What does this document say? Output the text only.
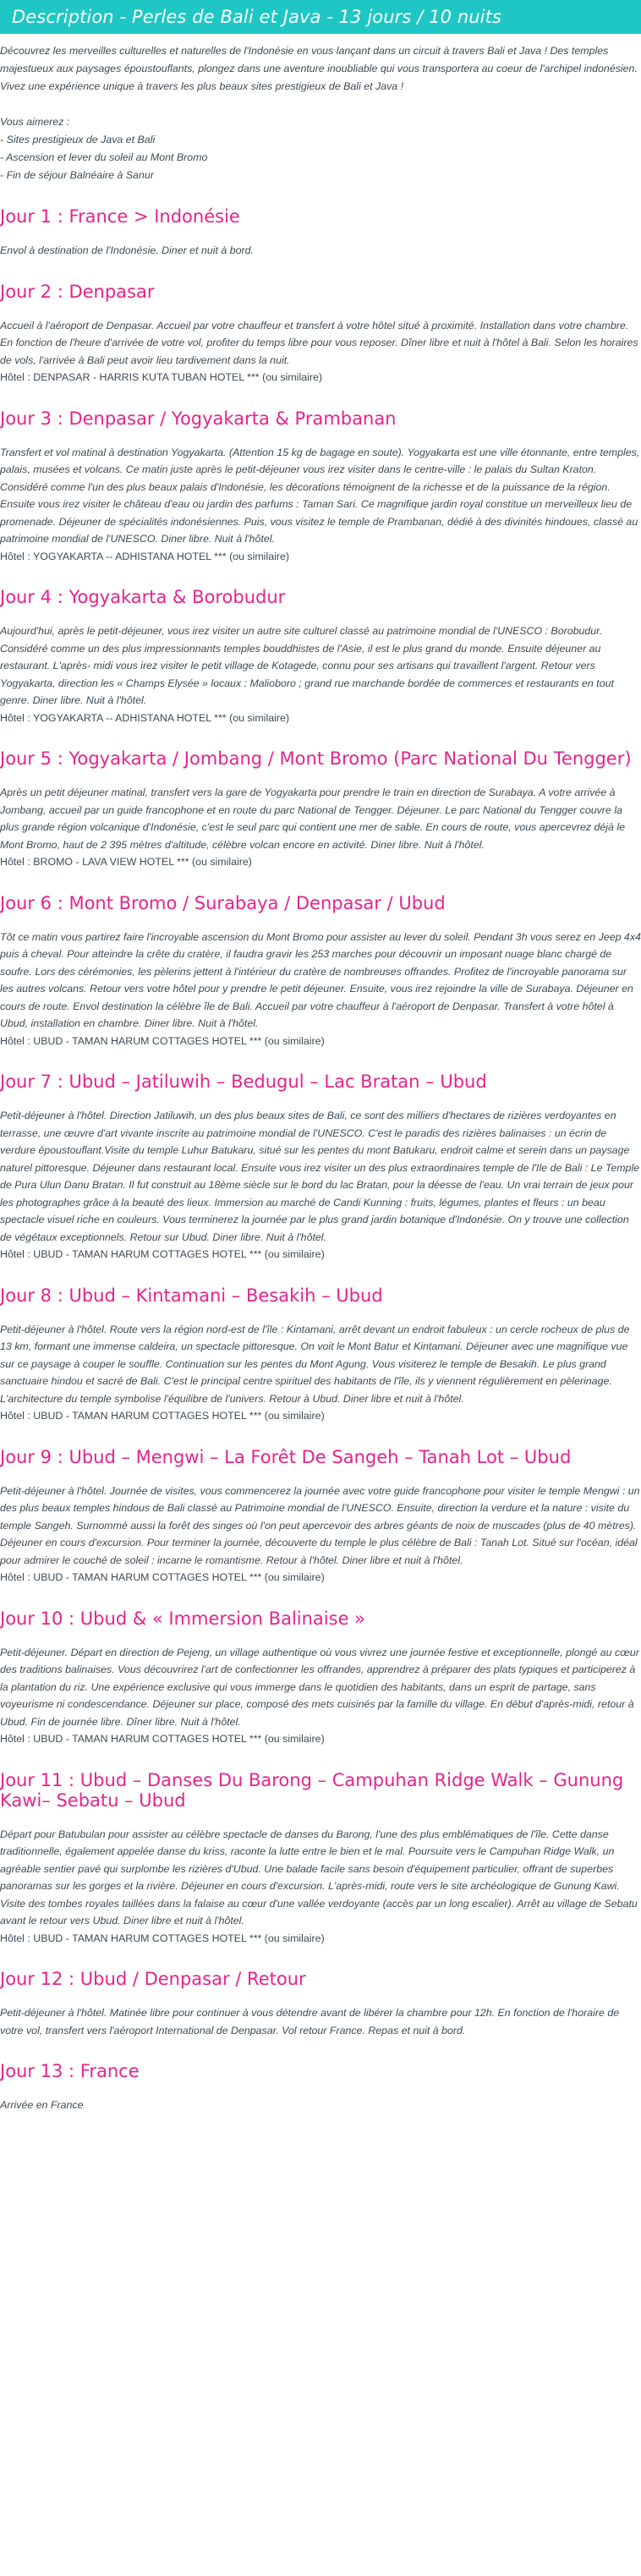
Description - Perles de Bali et Java - 13 jours / 10 nuits

Découvrez les merveilles culturelles et naturelles de l'Indonésie en vous lançant dans un circuit à travers Bali et Java ! Des temples majestueux aux paysages époustouflants, plongez dans une aventure inoubliable qui vous transportera au coeur de l'archipel indonésien. Vivez une expérience unique à travers les plus beaux sites prestigieux de Bali et Java !

Vous aimerez :
- Sites prestigieux de Java et Bali
- Ascension et lever du soleil au Mont Bromo
- Fin de séjour Balnéaire à Sanur
Jour 1 : France > Indonésie
Envol à destination de l'Indonésie. Diner et nuit à bord.
Jour 2 : Denpasar
Accueil à l'aéroport de Denpasar. Accueil par votre chauffeur et transfert à votre hôtel situé à proximité. Installation dans votre chambre. En fonction de l'heure d'arrivée de votre vol, profiter du temps libre pour vous reposer. Dîner libre et nuit à l'hôtel à Bali. Selon les horaires de vols, l'arrivée à Bali peut avoir lieu tardivement dans la nuit.
Hôtel : DENPASAR - HARRIS KUTA TUBAN HOTEL *** (ou similaire)
Jour 3 : Denpasar / Yogyakarta & Prambanan
Transfert et vol matinal à destination Yogyakarta. (Attention 15 kg de bagage en soute). Yogyakarta est une ville étonnante, entre temples, palais, musées et volcans. Ce matin juste après le petit-déjeuner vous irez visiter dans le centre-ville : le palais du Sultan Kraton. Considéré comme l'un des plus beaux palais d'Indonésie, les décorations témoignent de la richesse et de la puissance de la région. Ensuite vous irez visiter le château d'eau ou jardin des parfums : Taman Sari. Ce magnifique jardin royal constitue un merveilleux lieu de promenade. Déjeuner de spécialités indonésiennes. Puis, vous visitez le temple de Prambanan, dédié à des divinités hindoues, classé au patrimoine mondial de l'UNESCO. Diner libre. Nuit à l'hôtel.
Hôtel : YOGYAKARTA -- ADHISTANA HOTEL *** (ou similaire)
Jour 4 : Yogyakarta & Borobudur
Aujourd'hui, après le petit-déjeuner, vous irez visiter un autre site culturel classé au patrimoine mondial de l'UNESCO : Borobudur. Considéré comme un des plus impressionnants temples bouddhistes de l'Asie, il est le plus grand du monde. Ensuite déjeuner au restaurant. L'après- midi vous irez visiter le petit village de Kotagede, connu pour ses artisans qui travaillent l'argent. Retour vers Yogyakarta, direction les « Champs Elysée » locaux : Malioboro ; grand rue marchande bordée de commerces et restaurants en tout genre. Diner libre. Nuit à l'hôtel.
Hôtel : YOGYAKARTA -- ADHISTANA HOTEL *** (ou similaire)
Jour 5 : Yogyakarta / Jombang / Mont Bromo (Parc National Du Tengger)
Après un petit déjeuner matinal, transfert vers la gare de Yogyakarta pour prendre le train en direction de Surabaya. A votre arrivée à Jombang, accueil par un guide francophone et en route du parc National de Tengger. Déjeuner. Le parc National du Tengger couvre la plus grande région volcanique d'Indonésie, c'est le seul parc qui contient une mer de sable. En cours de route, vous apercevrez déjà le Mont Bromo, haut de 2 395 mètres d'altitude, célèbre volcan encore en activité. Diner libre. Nuit à l'hôtel.
Hôtel : BROMO - LAVA VIEW HOTEL *** (ou similaire)
Jour 6 : Mont Bromo / Surabaya / Denpasar / Ubud
Tôt ce matin vous partirez faire l'incroyable ascension du Mont Bromo pour assister au lever du soleil. Pendant 3h vous serez en Jeep 4x4 puis à cheval. Pour atteindre la crête du cratère, il faudra gravir les 253 marches pour découvrir un imposant nuage blanc chargé de soufre. Lors des cérémonies, les pèlerins jettent à l'intérieur du cratère de nombreuses offrandes. Profitez de l'incroyable panorama sur les autres volcans. Retour vers votre hôtel pour y prendre le petit déjeuner. Ensuite, vous irez rejoindre la ville de Surabaya. Déjeuner en cours de route. Envol destination la célèbre île de Bali. Accueil par votre chauffeur à l'aéroport de Denpasar. Transfert à votre hôtel à Ubud, installation en chambre. Diner libre. Nuit à l'hôtel.
Hôtel : UBUD - TAMAN HARUM COTTAGES HOTEL *** (ou similaire)
Jour 7 : Ubud – Jatiluwih – Bedugul – Lac Bratan – Ubud
Petit-déjeuner à l'hôtel. Direction Jatiluwih, un des plus beaux sites de Bali, ce sont des milliers d'hectares de rizières verdoyantes en terrasse, une œuvre d'art vivante inscrite au patrimoine mondial de l'UNESCO. C'est le paradis des rizières balinaises : un écrin de verdure époustouflant.Visite du temple Luhur Batukaru, situé sur les pentes du mont Batukaru, endroit calme et serein dans un paysage naturel pittoresque. Déjeuner dans restaurant local. Ensuite vous irez visiter un des plus extraordinaires temple de l'Ile de Bali : Le Temple de Pura Ulun Danu Bratan. Il fut construit au 18ème siècle sur le bord du lac Bratan, pour la déesse de l'eau. Un vrai terrain de jeux pour les photographes grâce à la beauté des lieux. Immersion au marché de Candi Kunning : fruits, légumes, plantes et fleurs : un beau spectacle visuel riche en couleurs. Vous terminerez la journée par le plus grand jardin botanique d'Indonésie. On y trouve une collection de végétaux exceptionnels. Retour sur Ubud. Diner libre. Nuit à l'hôtel.
Hôtel : UBUD - TAMAN HARUM COTTAGES HOTEL *** (ou similaire)
Jour 8 : Ubud – Kintamani – Besakih – Ubud
Petit-déjeuner à l'hôtel. Route vers la région nord-est de l'île : Kintamani, arrêt devant un endroit fabuleux : un cercle rocheux de plus de 13 km, formant une immense caldeira, un spectacle pittoresque. On voit le Mont Batur et Kintamani. Déjeuner avec une magnifique vue sur ce paysage à couper le souffle. Continuation sur les pentes du Mont Agung. Vous visiterez le temple de Besakih. Le plus grand sanctuaire hindou et sacré de Bali. C'est le principal centre spirituel des habitants de l'île, ils y viennent régulièrement en pèlerinage. L'architecture du temple symbolise l'équilibre de l'univers. Retour à Ubud. Diner libre et nuit à l'hôtel.
Hôtel : UBUD - TAMAN HARUM COTTAGES HOTEL *** (ou similaire)
Jour 9 : Ubud – Mengwi – La Forêt De Sangeh – Tanah Lot – Ubud
Petit-déjeuner à l'hôtel. Journée de visites, vous commencerez la journée avec votre guide francophone pour visiter le temple Mengwi : un des plus beaux temples hindous de Bali classé au Patrimoine mondial de l'UNESCO. Ensuite, direction la verdure et la nature : visite du temple Sangeh. Surnommé aussi la forêt des singes où l'on peut apercevoir des arbres géants de noix de muscades (plus de 40 mètres). Déjeuner en cours d'excursion. Pour terminer la journée, découverte du temple le plus célèbre de Bali : Tanah Lot. Situé sur l'océan, idéal pour admirer le couché de soleil : incarne le romantisme. Retour à l'hôtel. Diner libre et nuit à l'hôtel.
Hôtel : UBUD - TAMAN HARUM COTTAGES HOTEL *** (ou similaire)
Jour 10 : Ubud & « Immersion Balinaise »
Petit-déjeuner. Départ en direction de Pejeng, un village authentique où vous vivrez une journée festive et exceptionnelle, plongé au cœur des traditions balinaises. Vous découvrirez l'art de confectionner les offrandes, apprendrez à préparer des plats typiques et participerez à la plantation du riz. Une expérience exclusive qui vous immerge dans le quotidien des habitants, dans un esprit de partage, sans voyeurisme ni condescendance. Déjeuner sur place, composé des mets cuisinés par la famille du village. En début d'après-midi, retour à Ubud. Fin de journée libre. Dîner libre. Nuit à l'hôtel.
Hôtel : UBUD - TAMAN HARUM COTTAGES HOTEL *** (ou similaire)
Jour 11 : Ubud – Danses Du Barong – Campuhan Ridge Walk – Gunung Kawi– Sebatu – Ubud
Départ pour Batubulan pour assister au célèbre spectacle de danses du Barong, l'une des plus emblématiques de l'île. Cette danse traditionnelle, également appelée danse du kriss, raconte la lutte entre le bien et le mal. Poursuite vers le Campuhan Ridge Walk, un agréable sentier pavé qui surplombe les rizières d'Ubud. Une balade facile sans besoin d'équipement particulier, offrant de superbes panoramas sur les gorges et la rivière. Déjeuner en cours d'excursion. L'après-midi, route vers le site archéologique de Gunung Kawi. Visite des tombes royales taillées dans la falaise au cœur d'une vallée verdoyante (accès par un long escalier). Arrêt au village de Sebatu avant le retour vers Ubud. Diner libre et nuit à l'hôtel.
Hôtel : UBUD - TAMAN HARUM COTTAGES HOTEL *** (ou similaire)
Jour 12 : Ubud / Denpasar / Retour
Petit-déjeuner à l'hôtel. Matinée libre pour continuer à vous détendre avant de libérer la chambre pour 12h. En fonction de l'horaire de votre vol, transfert vers l'aéroport International de Denpasar. Vol retour France. Repas et nuit à bord.
Jour 13 : France
Arrivée en France
